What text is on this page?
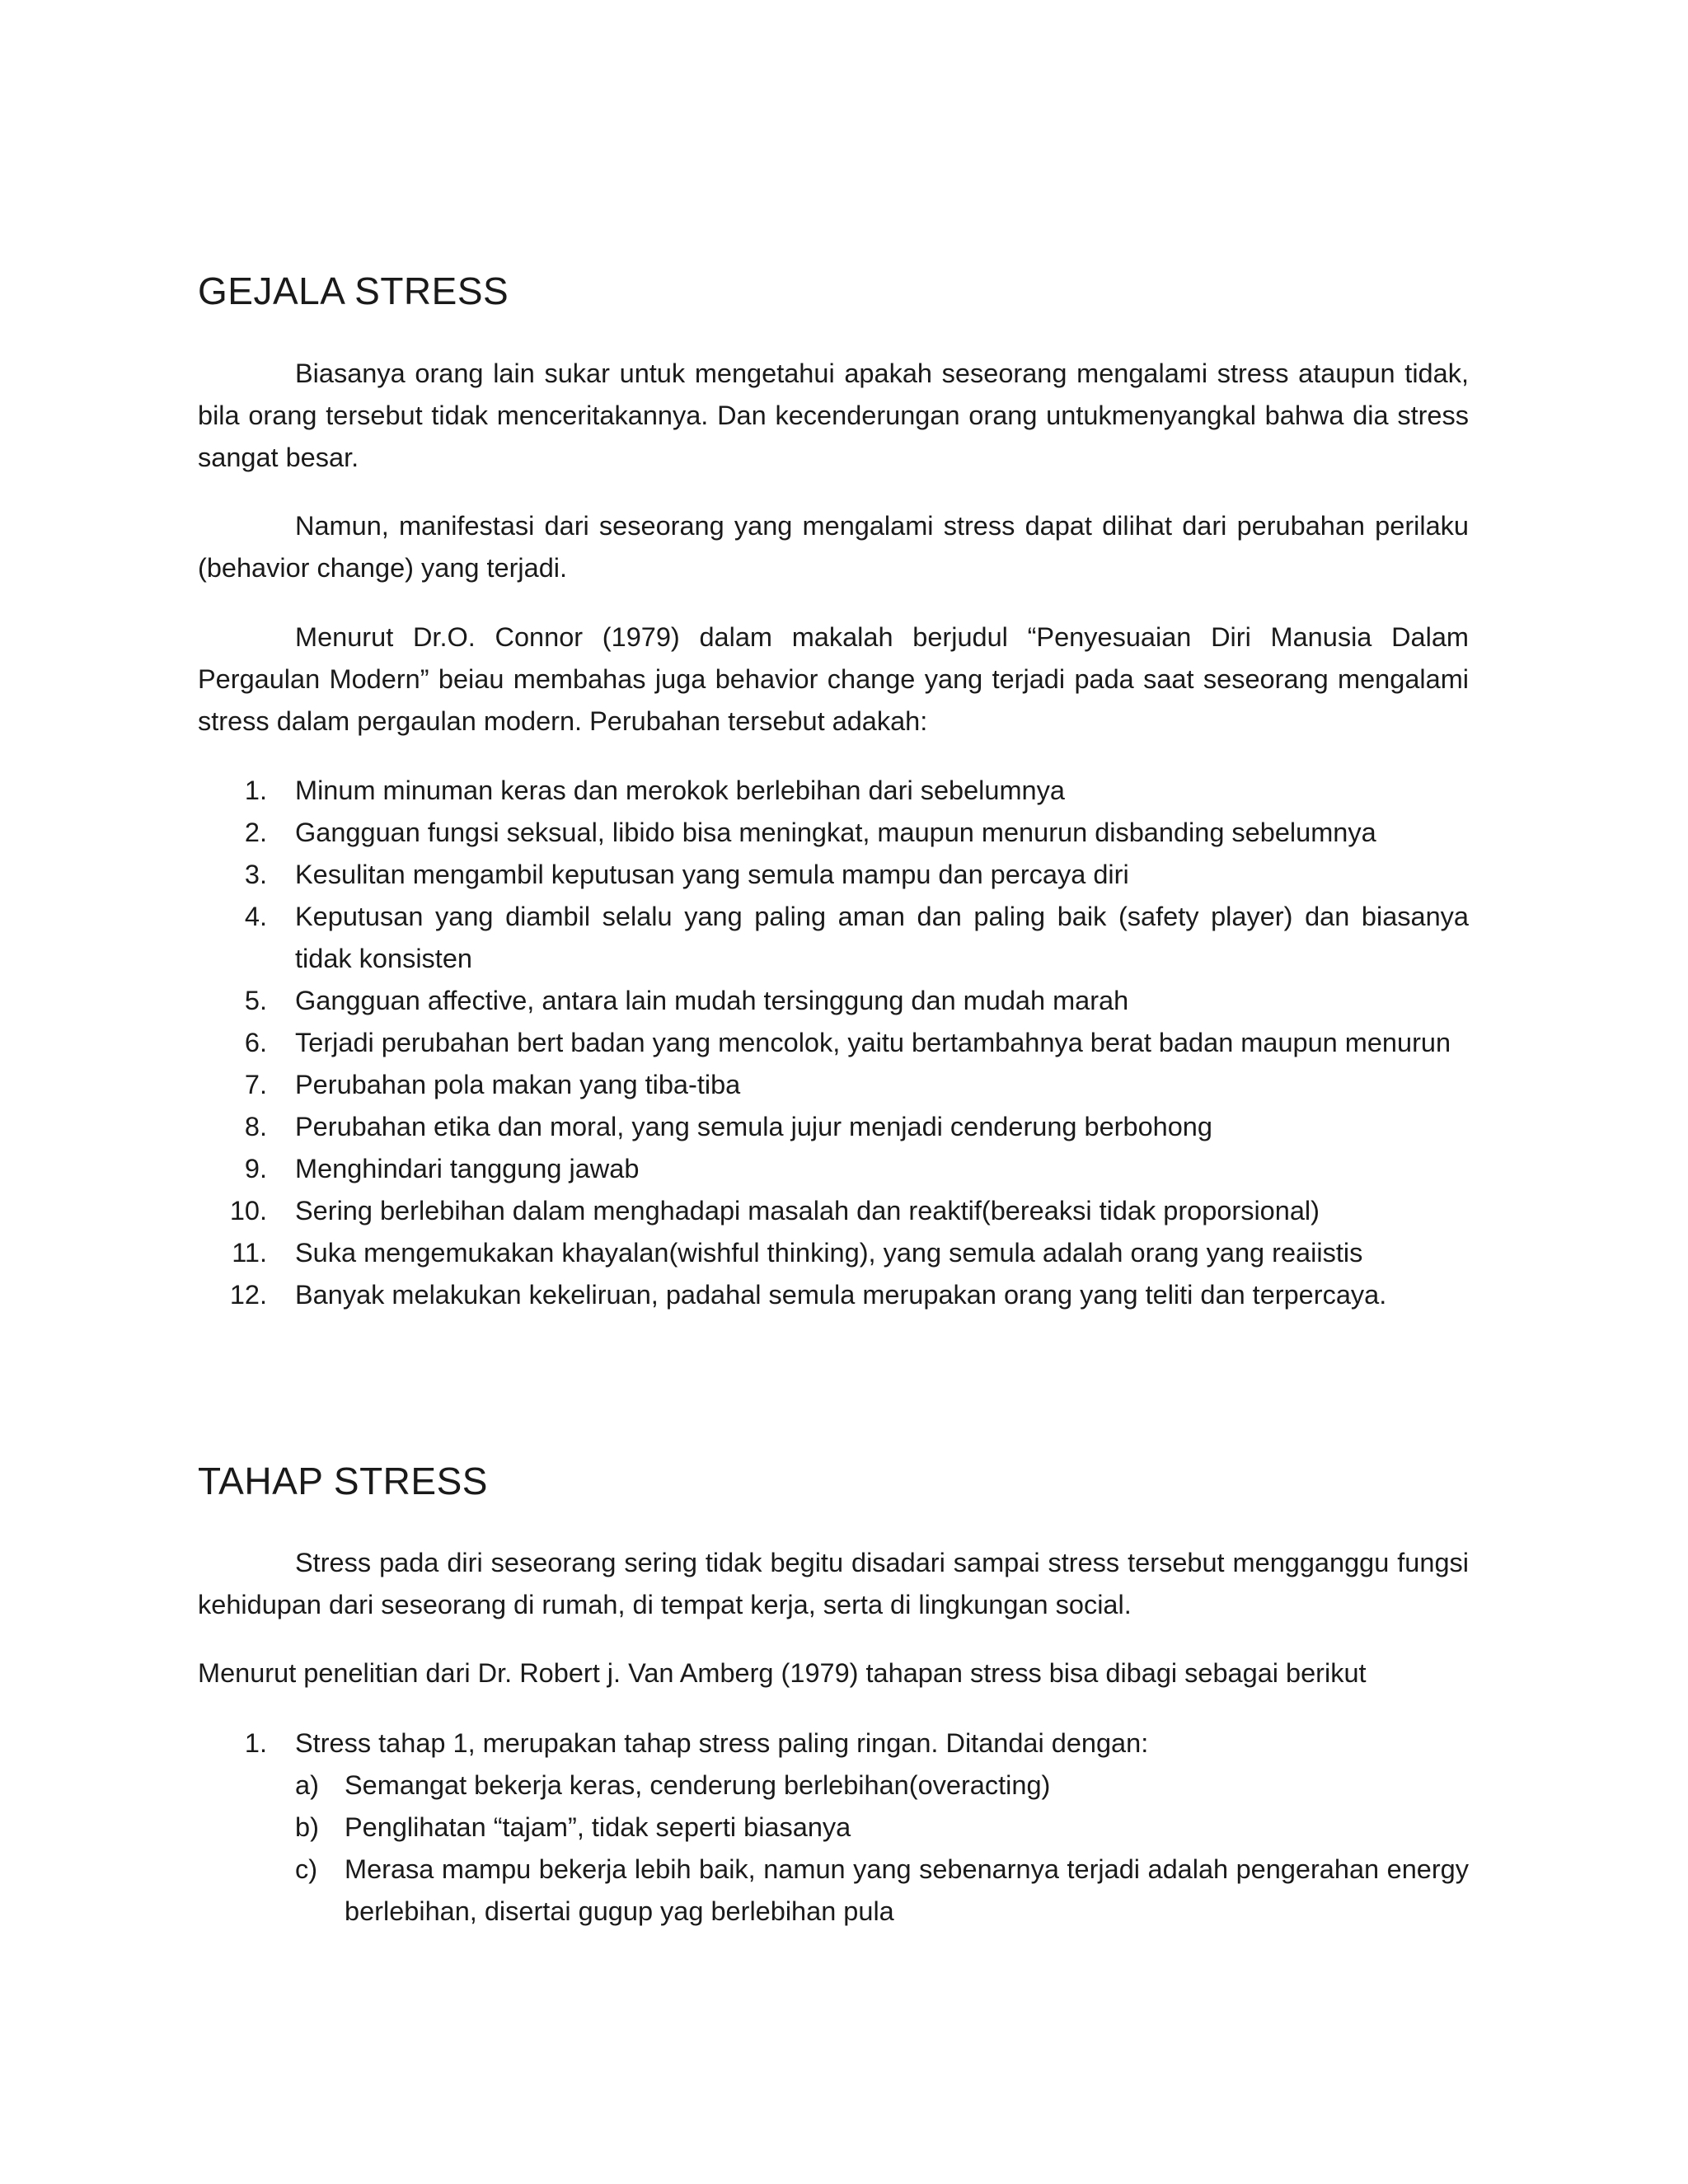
GEJALA STRESS

Biasanya orang lain sukar untuk mengetahui apakah seseorang mengalami stress ataupun tidak, bila orang tersebut tidak menceritakannya. Dan kecenderungan orang untukmenyangkal bahwa dia stress sangat besar.

Namun, manifestasi dari seseorang yang mengalami stress dapat dilihat dari perubahan perilaku (behavior change) yang terjadi.

Menurut Dr.O. Connor (1979) dalam makalah berjudul “Penyesuaian Diri Manusia Dalam Pergaulan Modern” beiau membahas juga behavior change yang terjadi pada saat seseorang mengalami stress dalam pergaulan modern. Perubahan tersebut adakah:

1. Minum minuman keras dan merokok berlebihan dari sebelumnya
2. Gangguan fungsi seksual, libido bisa meningkat, maupun menurun disbanding sebelumnya
3. Kesulitan mengambil keputusan yang semula mampu dan percaya diri
4. Keputusan yang diambil selalu yang paling aman dan paling baik (safety player) dan biasanya tidak konsisten
5. Gangguan affective, antara lain mudah tersinggung dan mudah marah
6. Terjadi perubahan bert badan yang mencolok, yaitu bertambahnya berat badan maupun menurun
7. Perubahan pola makan yang tiba-tiba
8. Perubahan etika dan moral, yang semula jujur menjadi cenderung berbohong
9. Menghindari tanggung jawab
10. Sering berlebihan dalam menghadapi masalah dan reaktif(bereaksi tidak proporsional)
11. Suka mengemukakan khayalan(wishful thinking), yang semula adalah orang yang reaiistis
12. Banyak melakukan kekeliruan, padahal semula merupakan orang yang teliti dan terpercaya.
TAHAP STRESS

Stress pada diri seseorang sering tidak begitu disadari sampai stress tersebut mengganggu fungsi kehidupan dari seseorang di rumah, di tempat kerja, serta di lingkungan social.

Menurut penelitian dari Dr. Robert j. Van Amberg (1979) tahapan stress bisa dibagi sebagai berikut

1. Stress tahap 1, merupakan tahap stress paling ringan. Ditandai dengan:
a) Semangat bekerja keras, cenderung berlebihan(overacting)
b) Penglihatan “tajam”, tidak seperti biasanya
c)	Merasa mampu bekerja lebih baik, namun yang sebenarnya terjadi adalah pengerahan energy berlebihan, disertai gugup yag berlebihan pula
